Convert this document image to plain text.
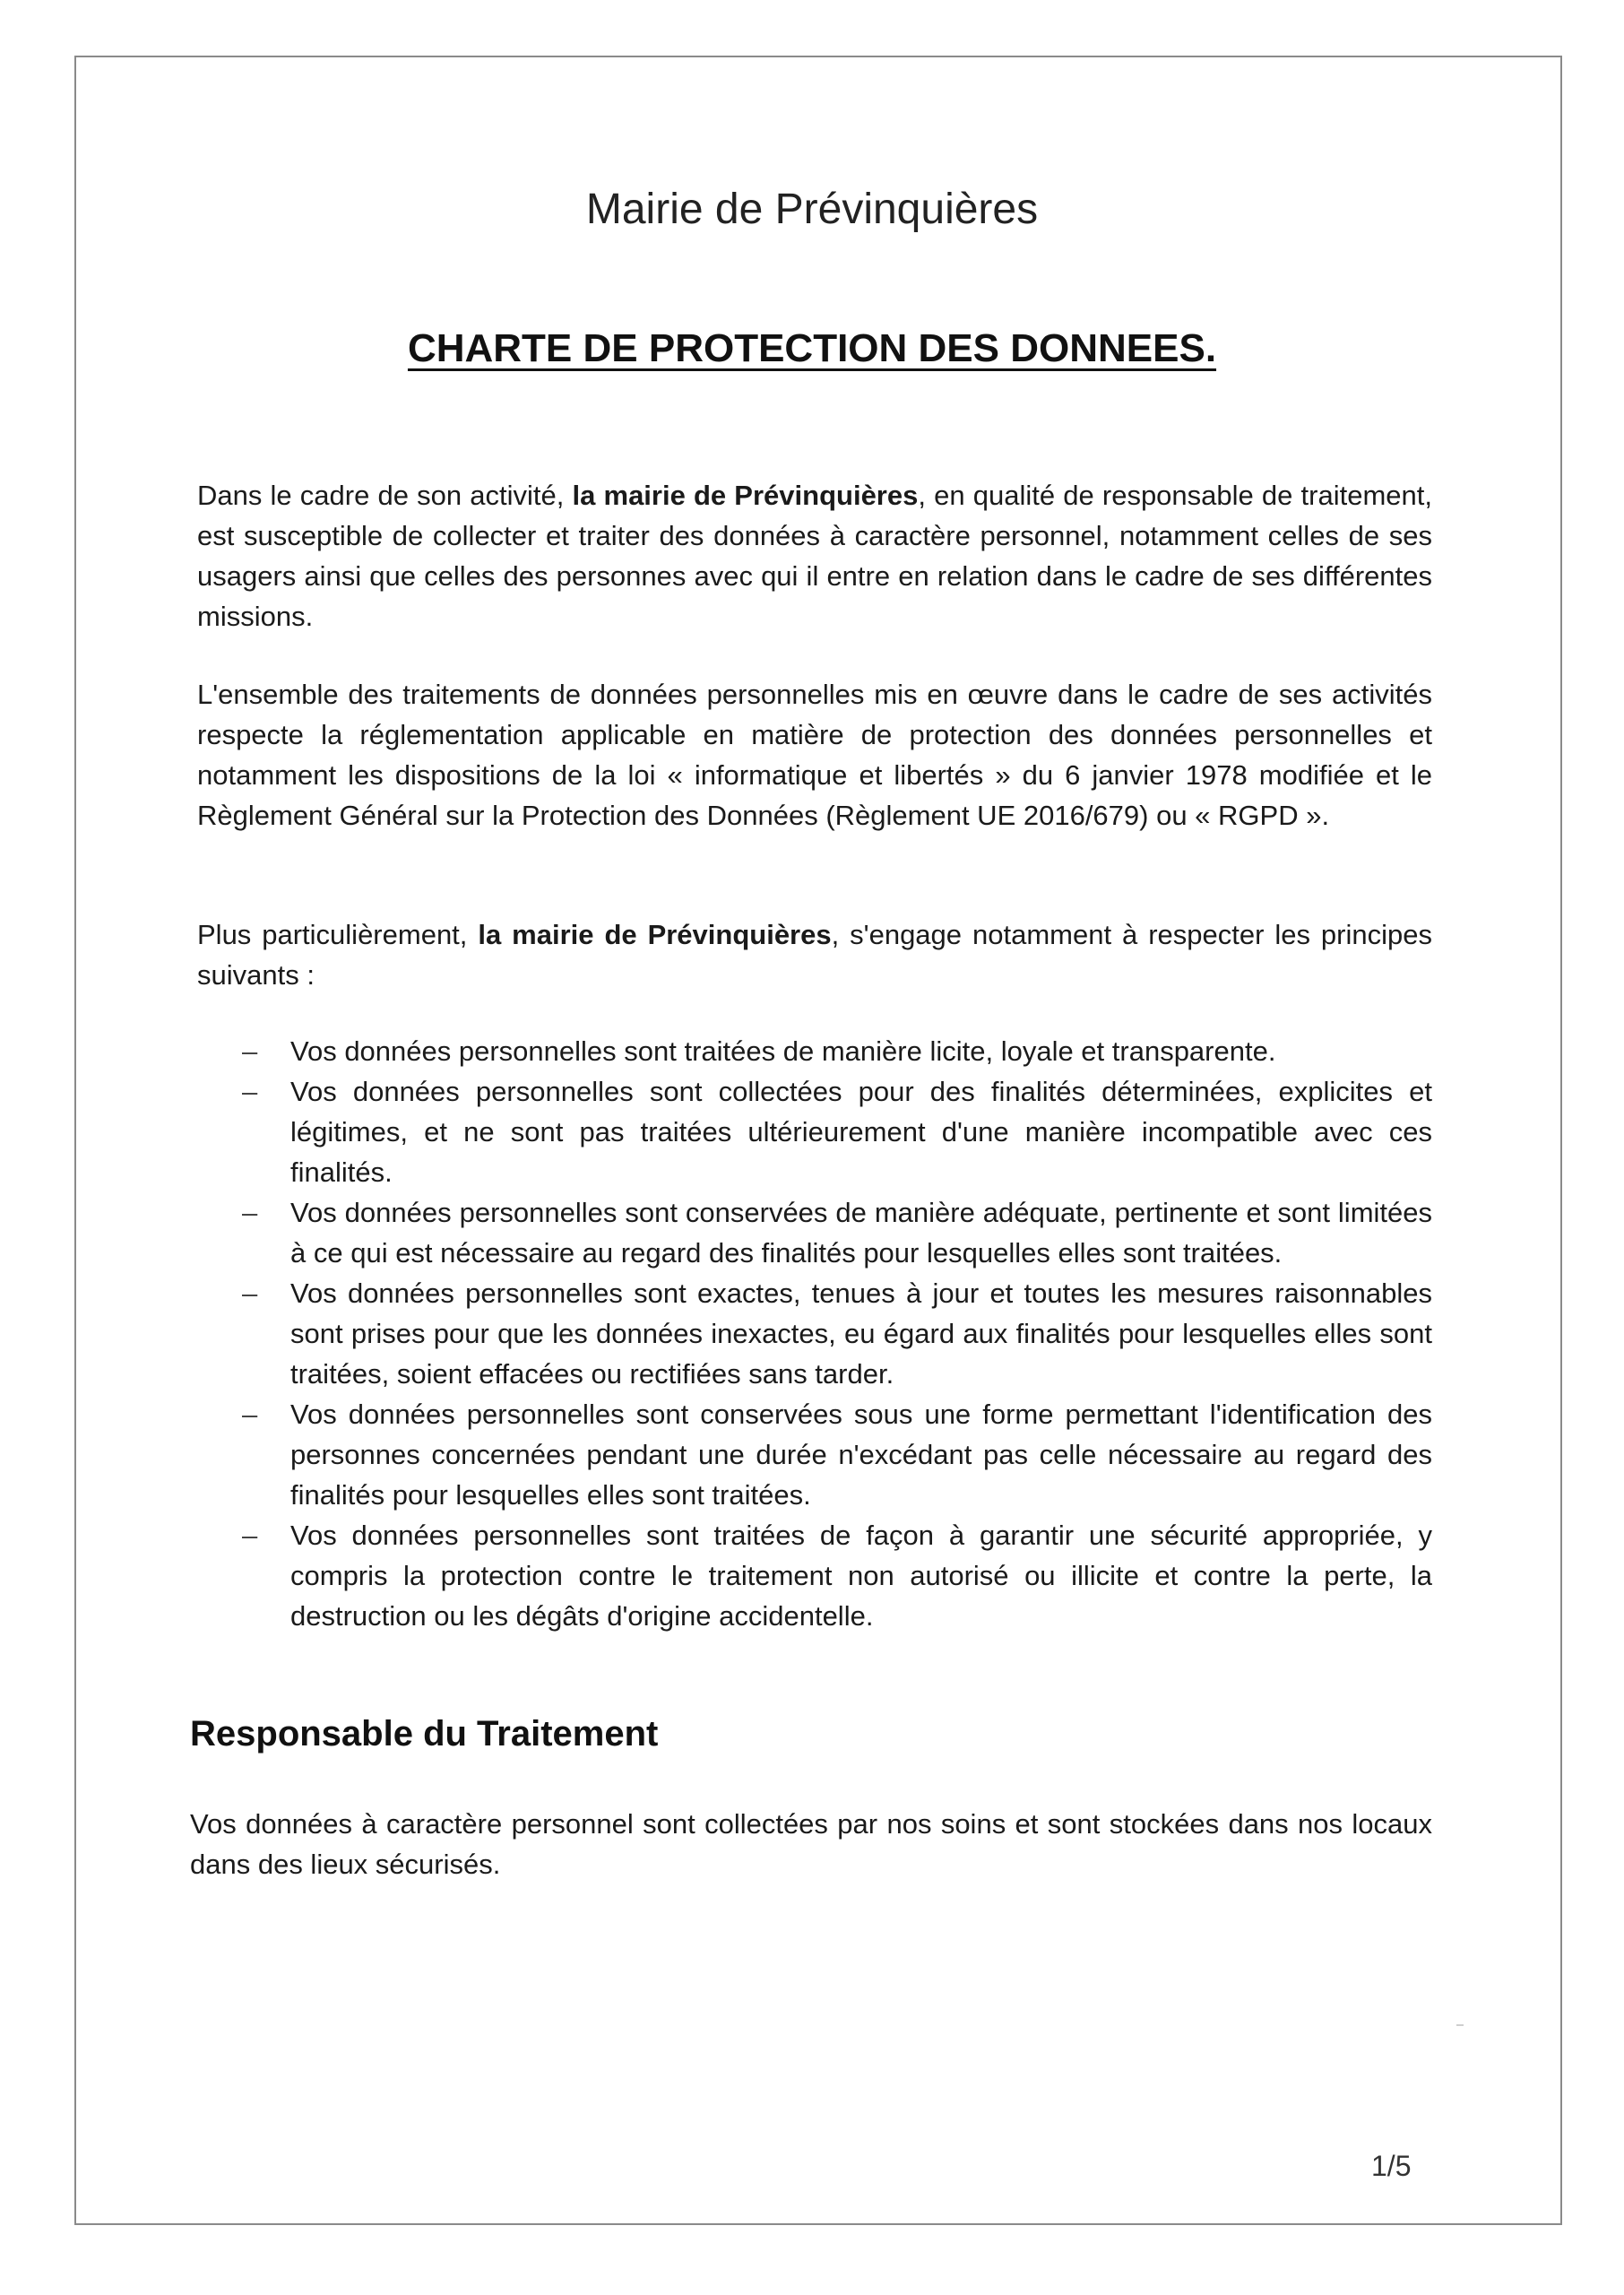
Mairie de Prévinquières
CHARTE DE PROTECTION DES DONNEES.

Dans le cadre de son activité, la mairie de Prévinquières, en qualité de responsable de traitement, est susceptible de collecter et traiter des données à caractère personnel, notamment celles de ses usagers ainsi que celles des personnes avec qui il entre en relation dans le cadre de ses différentes missions.

L'ensemble des traitements de données personnelles mis en œuvre dans le cadre de ses activités respecte la réglementation applicable en matière de protection des données personnelles et notamment les dispositions de la loi « informatique et libertés » du 6 janvier 1978 modifiée et le Règlement Général sur la Protection des Données (Règlement UE 2016/679) ou « RGPD ».

Plus particulièrement, la mairie de Prévinquières, s'engage notamment à respecter les principes suivants :

– Vos données personnelles sont traitées de manière licite, loyale et transparente.
– Vos données personnelles sont collectées pour des finalités déterminées, explicites et légitimes, et ne sont pas traitées ultérieurement d'une manière incompatible avec ces finalités.
– Vos données personnelles sont conservées de manière adéquate, pertinente et sont limitées à ce qui est nécessaire au regard des finalités pour lesquelles elles sont traitées.
– Vos données personnelles sont exactes, tenues à jour et toutes les mesures raisonnables sont prises pour que les données inexactes, eu égard aux finalités pour lesquelles elles sont traitées, soient effacées ou rectifiées sans tarder.
– Vos données personnelles sont conservées sous une forme permettant l'identification des personnes concernées pendant une durée n'excédant pas celle nécessaire au regard des finalités pour lesquelles elles sont traitées.
– Vos données personnelles sont traitées de façon à garantir une sécurité appropriée, y compris la protection contre le traitement non autorisé ou illicite et contre la perte, la destruction ou les dégâts d'origine accidentelle.
Responsable du Traitement

Vos données à caractère personnel sont collectées par nos soins et sont stockées dans nos locaux dans des lieux sécurisés.

1/5
